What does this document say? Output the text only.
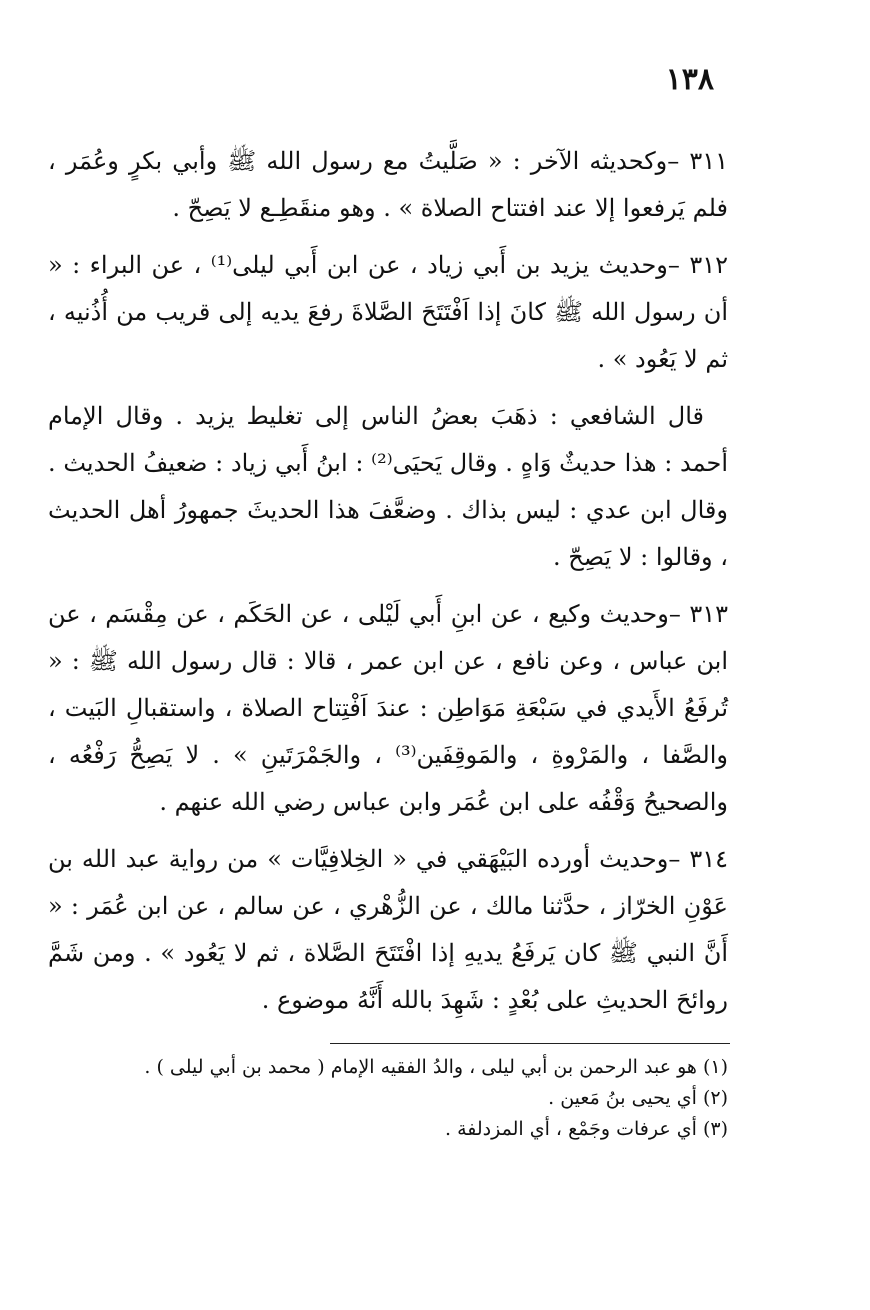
١٣٨

٣١١ –وكحديثه الآخر : « صَلَّيتُ مع رسول الله ﷺ وأبي بكرٍ وعُمَر ، فلم يَرفعوا إلا عند افتتاح الصلاة » . وهو منقَطِـع لا يَصِحّ .

٣١٢ –وحديث يزيد بن أَبي زياد ، عن ابن أَبي ليلى⁽¹⁾ ، عن البراء : « أن رسول الله ﷺ كانَ إذا اَفْتَتَحَ الصَّلاةَ رفعَ يديه إلى قريب من أُذُنيه ، ثم لا يَعُود » .

قال الشافعي : ذهَبَ بعضُ الناس إلى تغليط يزيد . وقال الإمام أحمد : هذا حديثٌ وَاهٍ . وقال يَحيَى⁽²⁾ : ابنُ أَبي زياد : ضعيفُ الحديث . وقال ابن عدي : ليس بذاك . وضعَّفَ هذا الحديثَ جمهورُ أهل الحديث ، وقالوا : لا يَصِحّ .

٣١٣ –وحديث وكيع ، عن ابنِ أَبي لَيْلى ، عن الحَكَم ، عن مِقْسَم ، عن ابن عباس ، وعن نافع ، عن ابن عمر ، قالا : قال رسول الله ﷺ : « تُرفَعُ الأَيدي في سَبْعَةِ مَوَاطِن : عندَ اَفْتِتاح الصلاة ، واستقبالِ البَيت ، والصَّفا ، والمَرْوةِ ، والمَوقِفَين⁽³⁾ ، والجَمْرَتَينِ » . لا يَصِحُّ رَفْعُه ، والصحيحُ وَقْفُه على ابن عُمَر وابن عباس رضي الله عنهم .

٣١٤ –وحديث أورده البَيْهَقي في « الخِلافِيَّات » من رواية عبد الله بن عَوْنِ الخرّاز ، حدَّثنا مالك ، عن الزُّهْري ، عن سالم ، عن ابن عُمَر : « أَنَّ النبي ﷺ كان يَرفَعُ يديهِ إذا افْتَتَحَ الصَّلاة ، ثم لا يَعُود » . ومن شَمَّ روائحَ الحديثِ على بُعْدٍ : شَهِدَ بالله أَنَّهُ موضوع .

(١) هو عبد الرحمن بن أبي ليلى ، والدُ الفقيه الإمام ( محمد بن أبي ليلى ) .

(٢) أي يحيى بنُ مَعين .

(٣) أي عرفات وجَمْع ، أي المزدلفة .
